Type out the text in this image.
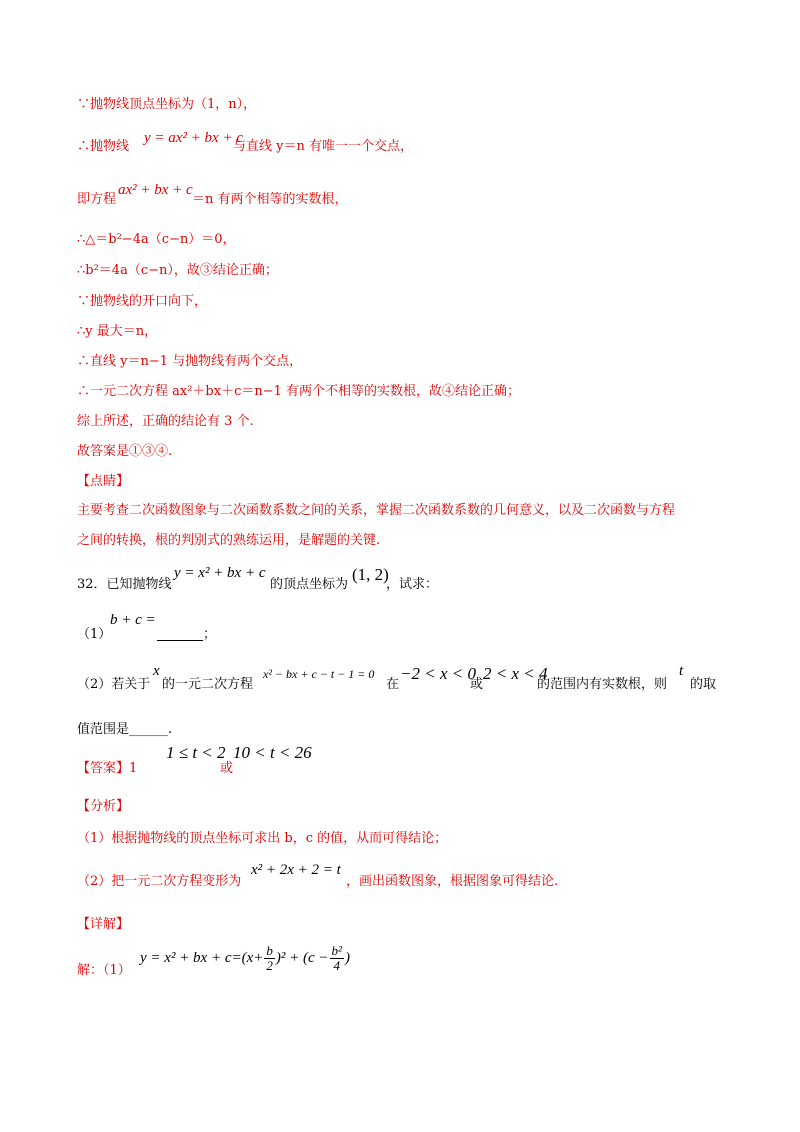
∵抛物线顶点坐标为（1，n），
∴抛物线
y = ax² + bx + c
与直线 y＝n 有唯一一个交点，
即方程
ax² + bx + c
＝n 有两个相等的实数根，
∴△＝b²−4a（c−n）＝0，
∴b²＝4a（c−n），故③结论正确；
∵抛物线的开口向下，
∴y 最大＝n，
∴直线 y＝n−1 与抛物线有两个交点，
∴一元二次方程 ax²＋bx＋c＝n−1 有两个不相等的实数根，故④结论正确；
综上所述，正确的结论有 3 个.
故答案是①③④.
【点睛】
主要考查二次函数图象与二次函数系数之间的关系，掌握二次函数系数的几何意义，以及二次函数与方程
之间的转换，根的判别式的熟练运用，是解题的关键.
32．已知抛物线
y = x² + bx + c
的顶点坐标为
(1, 2)
，试求：
（1）
b + c =
；
（2）若关于
x
的一元二次方程
x² − bx + c − t − 1 = 0
在
−2 < x < 0
或
2 < x < 4
的范围内有实数根，则
t
的取
值范围是______.
【答案】1
1 ≤ t < 2
或
10 < t < 26
【分析】
（1）根据抛物线的顶点坐标可求出 b，c 的值，从而可得结论；
（2）把一元二次方程变形为
x² + 2x + 2 = t
，画出函数图象，根据图象可得结论.
【详解】
解：（1）
y = x² + bx + $c=(x+ \frac{b}{2} )^2 + (c - \frac{\text{b²}}{4}$ )
